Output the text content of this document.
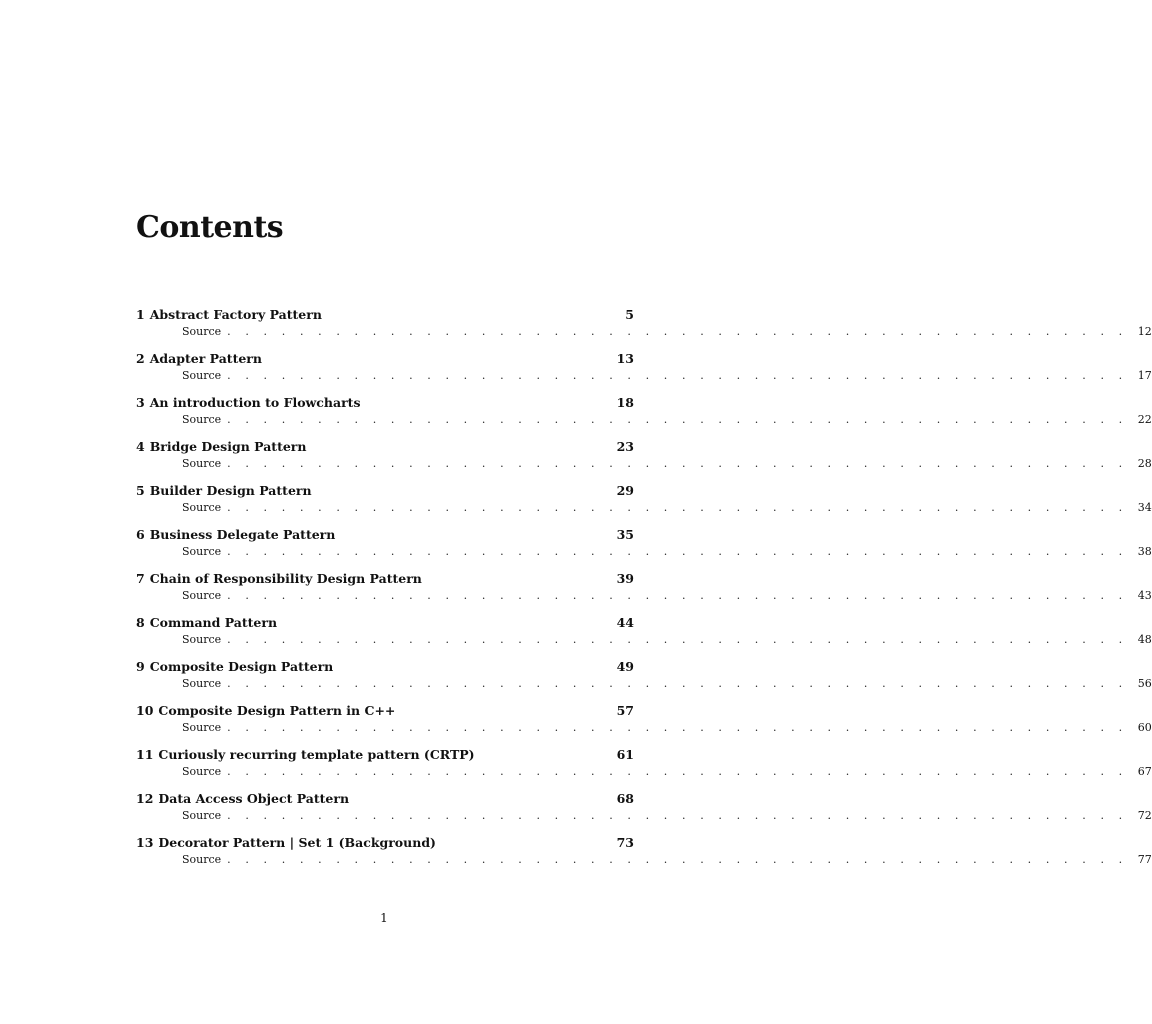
Contents
1 Abstract Factory Pattern	5
Source . . . . . . . . . . . . . . . . . . . . . . . . . . . . . . . . . . . . . . . . . . . . . . . . . . 12
2 Adapter Pattern	13
Source . . . . . . . . . . . . . . . . . . . . . . . . . . . . . . . . . . . . . . . . . . . . . . . . . . 17
3 An introduction to Flowcharts	18
Source . . . . . . . . . . . . . . . . . . . . . . . . . . . . . . . . . . . . . . . . . . . . . . . . . . 22
4 Bridge Design Pattern	23
Source . . . . . . . . . . . . . . . . . . . . . . . . . . . . . . . . . . . . . . . . . . . . . . . . . . 28
5 Builder Design Pattern	29
Source . . . . . . . . . . . . . . . . . . . . . . . . . . . . . . . . . . . . . . . . . . . . . . . . . . 34
6 Business Delegate Pattern	35
Source . . . . . . . . . . . . . . . . . . . . . . . . . . . . . . . . . . . . . . . . . . . . . . . . . . 38
7 Chain of Responsibility Design Pattern	39
Source . . . . . . . . . . . . . . . . . . . . . . . . . . . . . . . . . . . . . . . . . . . . . . . . . . 43
8 Command Pattern	44
Source . . . . . . . . . . . . . . . . . . . . . . . . . . . . . . . . . . . . . . . . . . . . . . . . . . 48
9 Composite Design Pattern	49
Source . . . . . . . . . . . . . . . . . . . . . . . . . . . . . . . . . . . . . . . . . . . . . . . . . . 56
10 Composite Design Pattern in C++	57
Source . . . . . . . . . . . . . . . . . . . . . . . . . . . . . . . . . . . . . . . . . . . . . . . . . . 60
11 Curiously recurring template pattern (CRTP)	61
Source . . . . . . . . . . . . . . . . . . . . . . . . . . . . . . . . . . . . . . . . . . . . . . . . . . 67
12 Data Access Object Pattern	68
Source . . . . . . . . . . . . . . . . . . . . . . . . . . . . . . . . . . . . . . . . . . . . . . . . . . 72
13 Decorator Pattern | Set 1 (Background)	73
Source . . . . . . . . . . . . . . . . . . . . . . . . . . . . . . . . . . . . . . . . . . . . . . . . . . 77
1
